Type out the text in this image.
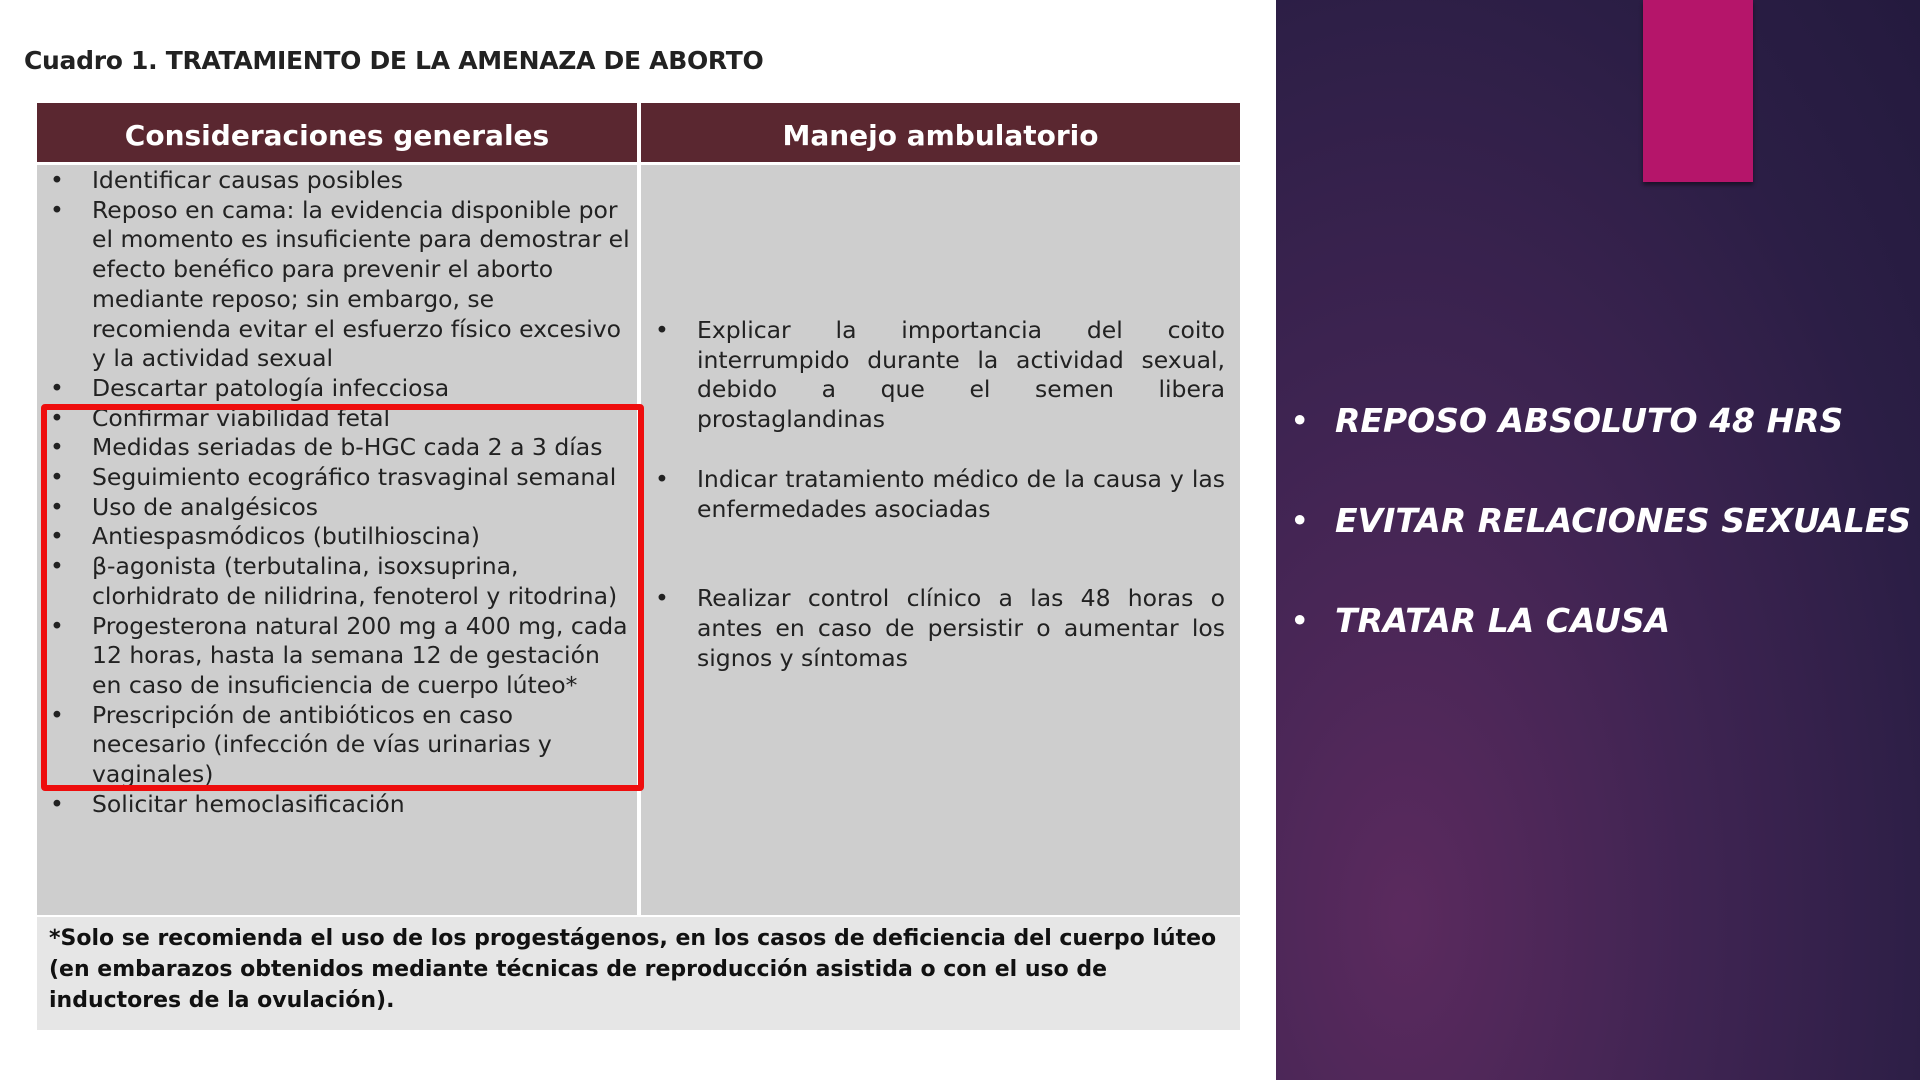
Cuadro 1. TRATAMIENTO DE LA AMENAZA DE ABORTO
Consideraciones generales	Manejo ambulatorio
• Identificar causas posibles
• Reposo en cama: la evidencia disponible por el momento es insuficiente para demostrar el efecto benéfico para prevenir el aborto mediante reposo; sin embargo, se recomienda evitar el esfuerzo físico excesivo y la actividad sexual
• Descartar patología infecciosa
• Confirmar viabilidad fetal
• Medidas seriadas de b-HGC cada 2 a 3 días
• Seguimiento ecográfico trasvaginal semanal
• Uso de analgésicos
• Antiespasmódicos (butilhioscina)
• β-agonista (terbutalina, isoxsuprina, clorhidrato de nilidrina, fenoterol y ritodrina)
• Progesterona natural 200 mg a 400 mg, cada 12 horas, hasta la semana 12 de gestación en caso de insuficiencia de cuerpo lúteo*
• Prescripción de antibióticos en caso necesario (infección de vías urinarias y vaginales)
• Solicitar hemoclasificación
• Explicar la importancia del coito interrumpido durante la actividad sexual, debido a que el semen libera prostaglandinas
• Indicar tratamiento médico de la causa y las enfermedades asociadas
• Realizar control clínico a las 48 horas o antes en caso de persistir o aumentar los signos y síntomas
*Solo se recomienda el uso de los progestágenos, en los casos de deficiencia del cuerpo lúteo (en embarazos obtenidos mediante técnicas de reproducción asistida o con el uso de inductores de la ovulación).
• REPOSO ABSOLUTO 48 HRS
• EVITAR RELACIONES SEXUALES
• TRATAR LA CAUSA
